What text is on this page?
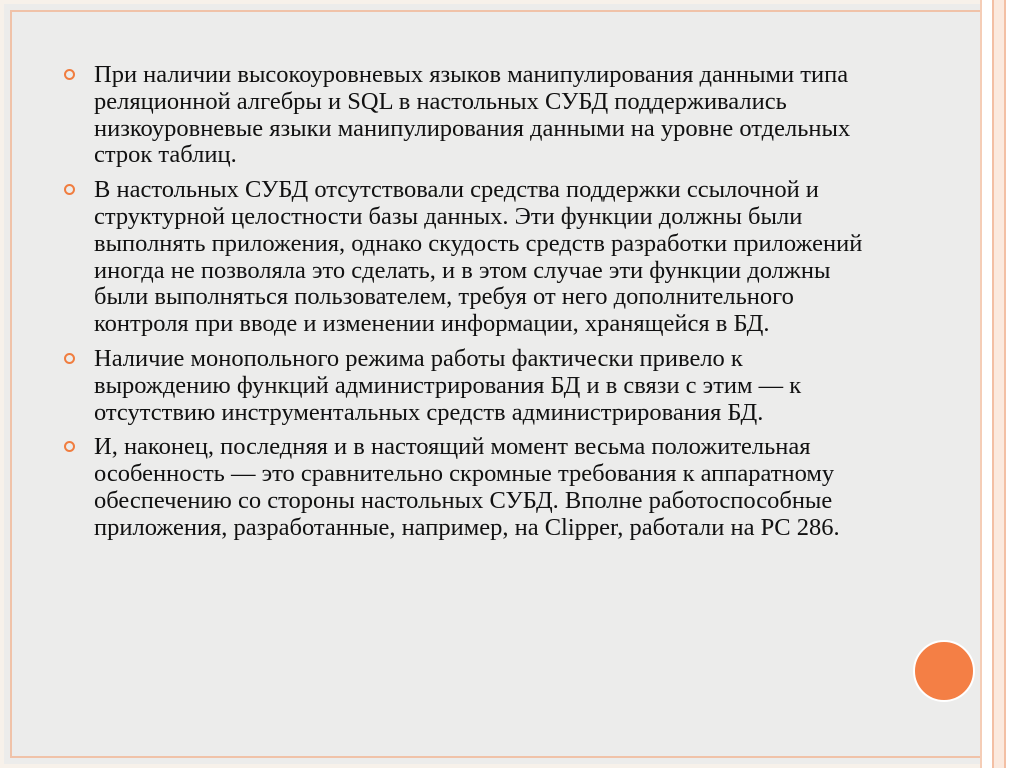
При наличии высокоуровневых языков манипулирования данными типа реляционной алгебры и SQL в настольных СУБД поддерживались низкоуровневые языки манипулирования данными на уровне отдельных строк таблиц.
В настольных СУБД отсутствовали средства поддержки ссылочной и структурной целостности базы данных. Эти функции должны были выполнять приложения, однако скудость средств разработки приложений иногда не позволяла это сделать, и в этом случае эти функции должны были выполняться пользователем, требуя от него дополнительного контроля при вводе и изменении информации, хранящейся в БД.
Наличие монопольного режима работы фактически привело к вырождению функций администрирования БД и в связи с этим — к отсутствию инструментальных средств администрирования БД.
И, наконец, последняя и в настоящий момент весьма положительная особенность — это сравнительно скромные требования к аппаратному обеспечению со стороны настольных СУБД. Вполне работоспособные приложения, разработанные, например, на Clipper, работали на PC 286.
